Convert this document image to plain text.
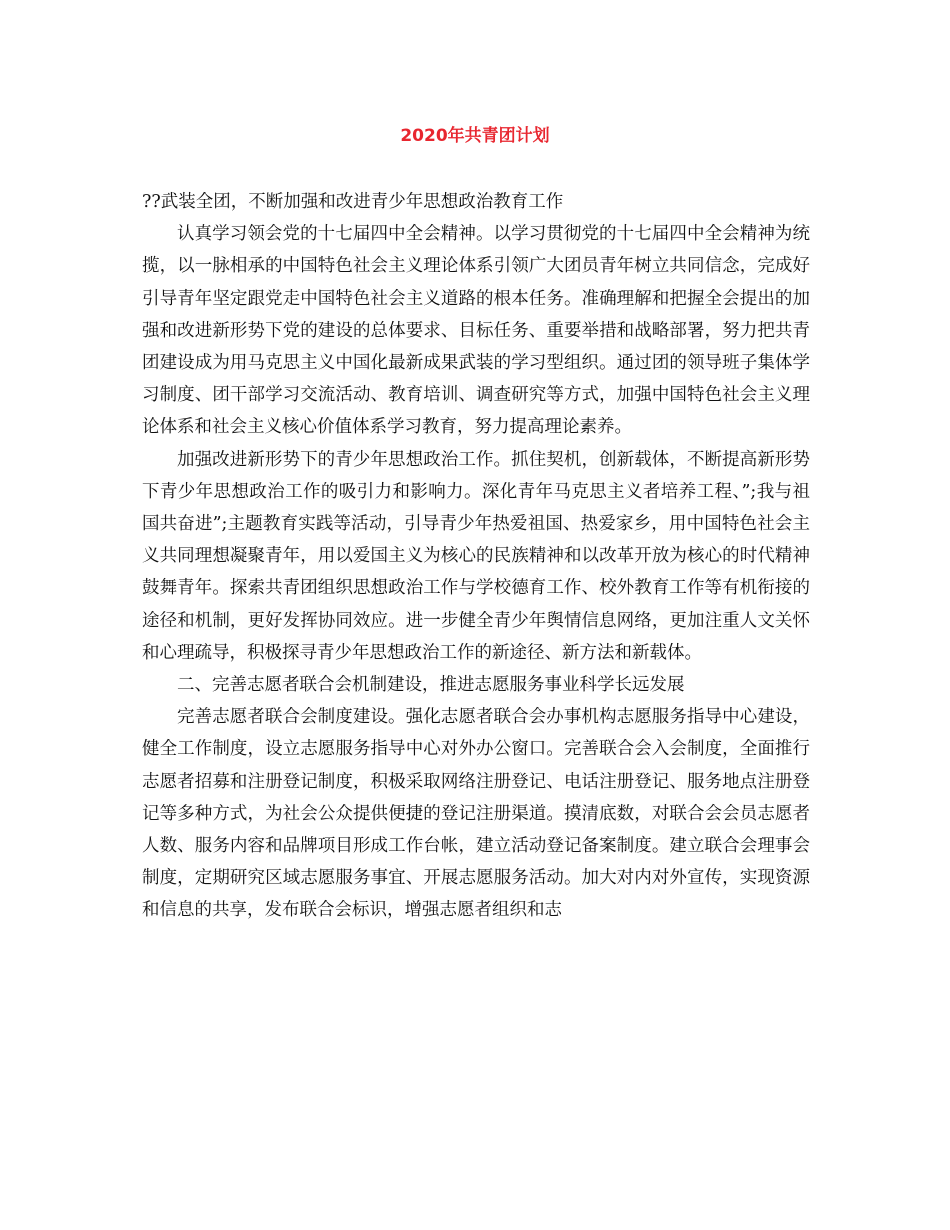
2020年共青团计划

??武装全团，不断加强和改进青少年思想政治教育工作

认真学习领会党的十七届四中全会精神。以学习贯彻党的十七届四中全会精神为统揽，以一脉相承的中国特色社会主义理论体系引领广大团员青年树立共同信念，完成好引导青年坚定跟党走中国特色社会主义道路的根本任务。准确理解和把握全会提出的加强和改进新形势下党的建设的总体要求、目标任务、重要举措和战略部署，努力把共青团建设成为用马克思主义中国化最新成果武装的学习型组织。通过团的领导班子集体学习制度、团干部学习交流活动、教育培训、调查研究等方式，加强中国特色社会主义理论体系和社会主义核心价值体系学习教育，努力提高理论素养。

加强改进新形势下的青少年思想政治工作。抓住契机，创新载体，不断提高新形势下青少年思想政治工作的吸引力和影响力。深化青年马克思主义者培养工程、”;我与祖国共奋进”;主题教育实践等活动，引导青少年热爱祖国、热爱家乡，用中国特色社会主义共同理想凝聚青年，用以爱国主义为核心的民族精神和以改革开放为核心的时代精神鼓舞青年。探索共青团组织思想政治工作与学校德育工作、校外教育工作等有机衔接的途径和机制，更好发挥协同效应。进一步健全青少年舆情信息网络，更加注重人文关怀和心理疏导，积极探寻青少年思想政治工作的新途径、新方法和新载体。

二、完善志愿者联合会机制建设，推进志愿服务事业科学长远发展

完善志愿者联合会制度建设。强化志愿者联合会办事机构志愿服务指导中心建设，健全工作制度，设立志愿服务指导中心对外办公窗口。完善联合会入会制度，全面推行志愿者招募和注册登记制度，积极采取网络注册登记、电话注册登记、服务地点注册登记等多种方式，为社会公众提供便捷的登记注册渠道。摸清底数，对联合会会员志愿者人数、服务内容和品牌项目形成工作台帐，建立活动登记备案制度。建立联合会理事会制度，定期研究区域志愿服务事宜、开展志愿服务活动。加大对内对外宣传，实现资源和信息的共享，发布联合会标识，增强志愿者组织和志
